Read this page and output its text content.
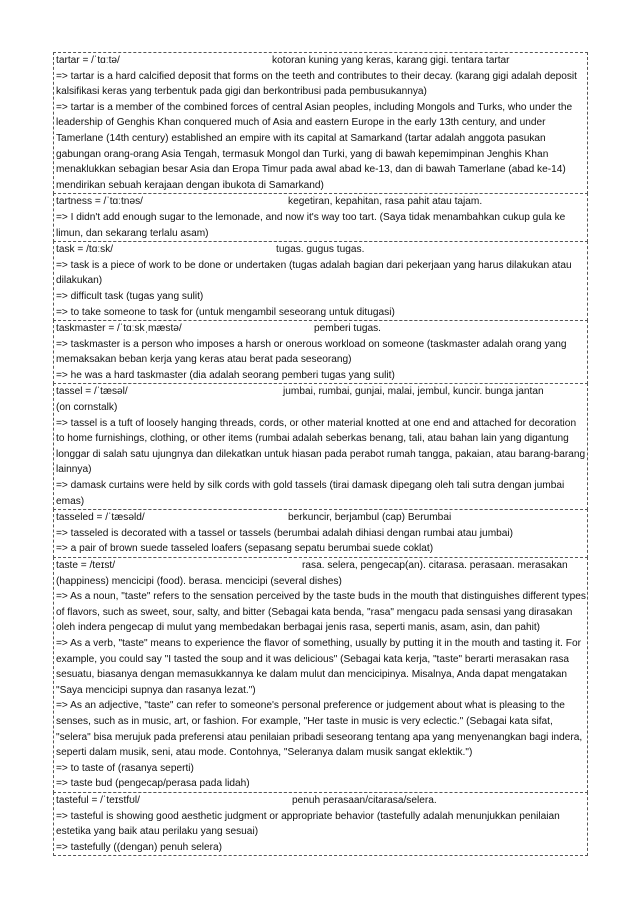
tartar = /ˈtɑːtə/	kotoran kuning yang keras, karang gigi. tentara tartar
=> tartar is a hard calcified deposit that forms on the teeth and contributes to their decay. (karang gigi adalah deposit kalsifikasi keras yang terbentuk pada gigi dan berkontribusi pada pembusukannya)
=> tartar is a member of the combined forces of central Asian peoples, including Mongols and Turks, who under the leadership of Genghis Khan conquered much of Asia and eastern Europe in the early 13th century, and under Tamerlane (14th century) established an empire with its capital at Samarkand (tartar adalah anggota pasukan gabungan orang-orang Asia Tengah, termasuk Mongol dan Turki, yang di bawah kepemimpinan Jenghis Khan menaklukkan sebagian besar Asia dan Eropa Timur pada awal abad ke-13, dan di bawah Tamerlane (abad ke-14) mendirikan sebuah kerajaan dengan ibukota di Samarkand)
tartness = /ˈtɑːtnəs/	kegetiran, kepahitan, rasa pahit atau tajam.
=> I didn't add enough sugar to the lemonade, and now it's way too tart. (Saya tidak menambahkan cukup gula ke limun, dan sekarang terlalu asam)
task = /tɑːsk/	tugas. gugus tugas.
=> task is a piece of work to be done or undertaken (tugas adalah bagian dari pekerjaan yang harus dilakukan atau dilakukan)
=> difficult task (tugas yang sulit)
=> to take someone to task for (untuk mengambil seseorang untuk ditugasi)
taskmaster = /ˈtɑːskˌmæstə/	pemberi tugas.
=> taskmaster is a person who imposes a harsh or onerous workload on someone (taskmaster adalah orang yang memaksakan beban kerja yang keras atau berat pada seseorang)
=> he was a hard taskmaster (dia adalah seorang pemberi tugas yang sulit)
tassel = /ˈtæsəl/	jumbai, rumbai, gunjai, malai, jembul, kuncir. bunga jantan
(on cornstalk)
=> tassel is a tuft of loosely hanging threads, cords, or other material knotted at one end and attached for decoration to home furnishings, clothing, or other items (rumbai adalah seberkas benang, tali, atau bahan lain yang digantung longgar di salah satu ujungnya dan dilekatkan untuk hiasan pada perabot rumah tangga, pakaian, atau barang-barang lainnya)
=> damask curtains were held by silk cords with gold tassels (tirai damask dipegang oleh tali sutra dengan jumbai emas)
tasseled = /ˈtæsəld/	berkuncir, berjambul (cap) Berumbai
=> tasseled is decorated with a tassel or tassels (berumbai adalah dihiasi dengan rumbai atau jumbai)
=> a pair of brown suede tasseled loafers (sepasang sepatu berumbai suede coklat)
taste = /teɪst/	rasa. selera, pengecap(an). citarasa. perasaan. merasakan
(happiness) mencicipi (food). berasa. mencicipi (several dishes)
=> As a noun, "taste" refers to the sensation perceived by the taste buds in the mouth that distinguishes different types of flavors, such as sweet, sour, salty, and bitter (Sebagai kata benda, "rasa" mengacu pada sensasi yang dirasakan oleh indera pengecap di mulut yang membedakan berbagai jenis rasa, seperti manis, asam, asin, dan pahit)
=> As a verb, "taste" means to experience the flavor of something, usually by putting it in the mouth and tasting it. For example, you could say "I tasted the soup and it was delicious" (Sebagai kata kerja, "taste" berarti merasakan rasa sesuatu, biasanya dengan memasukkannya ke dalam mulut dan mencicipinya. Misalnya, Anda dapat mengatakan "Saya mencicipi supnya dan rasanya lezat.")
=> As an adjective, "taste" can refer to someone's personal preference or judgement about what is pleasing to the senses, such as in music, art, or fashion. For example, "Her taste in music is very eclectic." (Sebagai kata sifat, "selera" bisa merujuk pada preferensi atau penilaian pribadi seseorang tentang apa yang menyenangkan bagi indera, seperti dalam musik, seni, atau mode. Contohnya, "Seleranya dalam musik sangat eklektik.")
=> to taste of (rasanya seperti)
=> taste bud (pengecap/perasa pada lidah)
tasteful = /ˈteɪstfʊl/	penuh perasaan/citarasa/selera.
=> tasteful is showing good aesthetic judgment or appropriate behavior (tastefully adalah menunjukkan penilaian estetika yang baik atau perilaku yang sesuai)
=> tastefully ((dengan) penuh selera)
